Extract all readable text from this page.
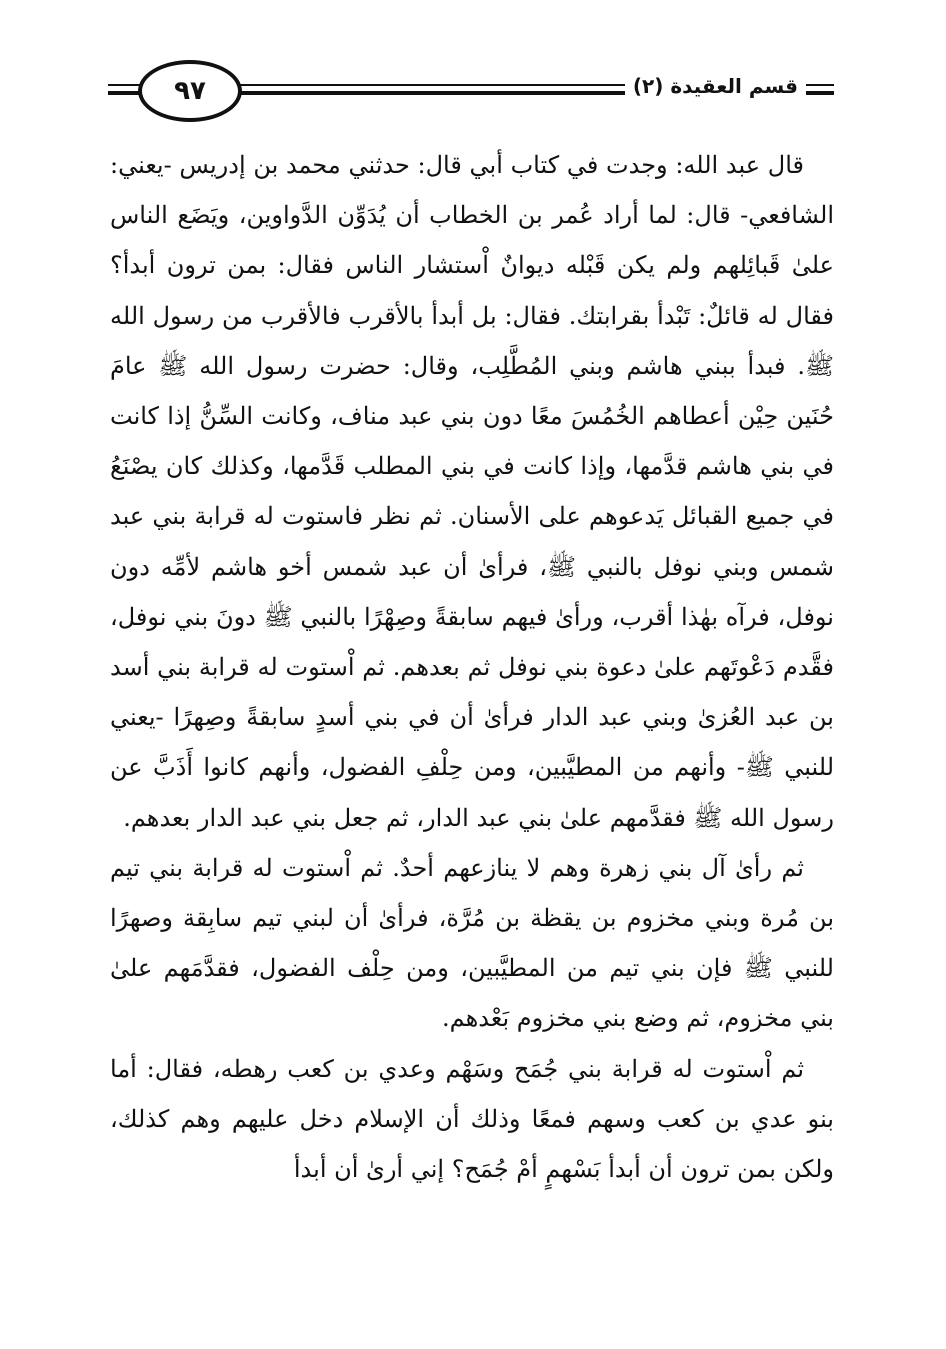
٩٧	قسم العقيدة (٢)

قال عبد الله: وجدت في كتاب أبي قال: حدثني محمد بن إدريس -يعني: الشافعي- قال: لما أراد عُمر بن الخطاب أن يُدَوِّن الدَّواوين، ويَضَع الناس علىٰ قَبائِلهم ولم يكن قَبْله ديوانٌ اْستشار الناس فقال: بمن ترون أبدأ؟ فقال له قائلٌ: تَبْدأ بقرابتك. فقال: بل أبدأ بالأقرب فالأقرب من رسول الله ﷺ. فبدأ ببني هاشم وبني المُطَّلِب، وقال: حضرت رسول الله ﷺ عامَ حُنَين حِيْن أعطاهم الخُمُسَ معًا دون بني عبد مناف، وكانت السِّنُّ إذا كانت في بني هاشم قدَّمها، وإذا كانت في بني المطلب قَدَّمها، وكذلك كان يصْنَعُ في جميع القبائل يَدعوهم على الأسنان. ثم نظر فاستوت له قرابة بني عبد شمس وبني نوفل بالنبي ﷺ، فرأىٰ أن عبد شمس أخو هاشم لأمِّه دون نوفل، فرآه بهٰذا أقرب، ورأىٰ فيهم سابقةً وصِهْرًا بالنبي ﷺ دونَ بني نوفل، فقَّدم دَعْوتَهم علىٰ دعوة بني نوفل ثم بعدهم. ثم اْستوت له قرابة بني أسد بن عبد العُزىٰ وبني عبد الدار فرأىٰ أن في بني أسدٍ سابقةً وصِهرًا -يعني للنبي ﷺ- وأنهم من المطيَّبين، ومن حِلْفِ الفضول، وأنهم كانوا أَذَبَّ عن رسول الله ﷺ فقدَّمهم علىٰ بني عبد الدار، ثم جعل بني عبد الدار بعدهم.

ثم رأىٰ آل بني زهرة وهم لا ينازعهم أحدٌ. ثم اْستوت له قرابة بني تيم بن مُرة وبني مخزوم بن يقظة بن مُرَّة، فرأىٰ أن لبني تيم سابِقة وصهرًا للنبي ﷺ فإن بني تيم من المطيَّبين، ومن حِلْف الفضول، فقدَّمَهم علىٰ بني مخزوم، ثم وضع بني مخزوم بَعْدهم.

ثم اْستوت له قرابة بني جُمَح وسَهْم وعدي بن كعب رهطه، فقال: أما بنو عدي بن كعب وسهم فمعًا وذلك أن الإسلام دخل عليهم وهم كذلك، ولكن بمن ترون أن أبدأ بَسْهمٍ أمْ جُمَح؟ إني أرىٰ أن أبدأ
